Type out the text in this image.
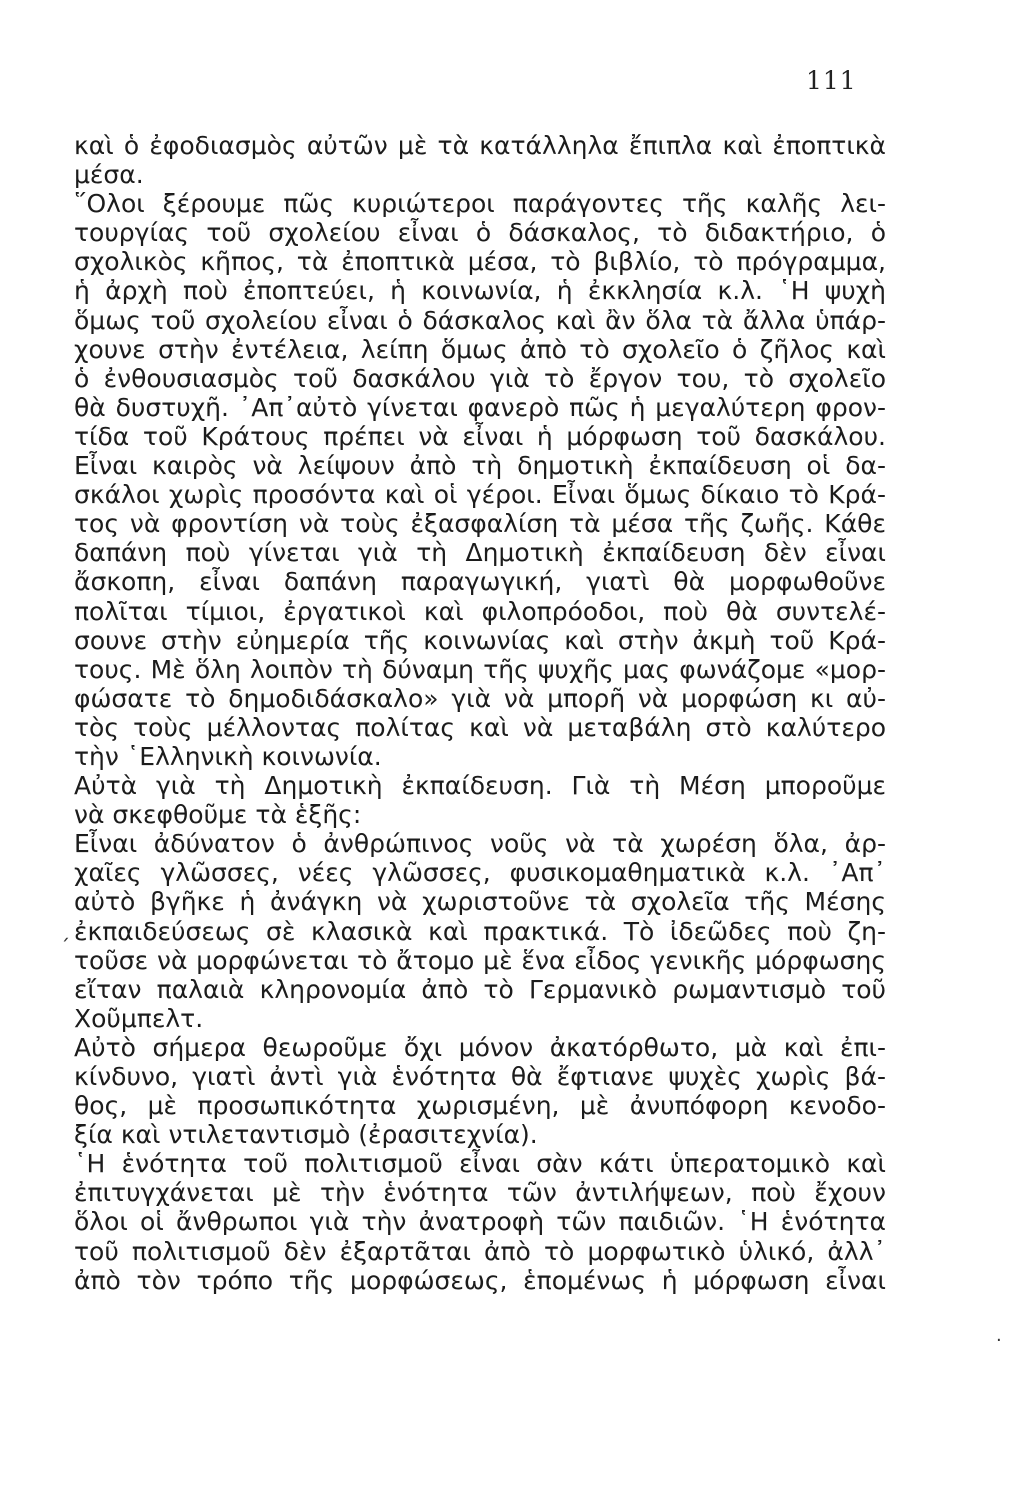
111
´
·
καὶ ὁ ἐφοδιασμὸς αὐτῶν μὲ τὰ κατάλληλα ἔπιπλα καὶ ἐποπτικὰ
μέσα.
῞Ολοι ξέρουμε πῶς κυριώτεροι παράγοντες τῆς καλῆς λει-
τουργίας τοῦ σχολείου εἶναι ὁ δάσκαλος, τὸ διδακτήριο, ὁ
σχολικὸς κῆπος, τὰ ἐποπτικὰ μέσα, τὸ βιβλίο, τὸ πρόγραμμα,
ἡ ἀρχὴ ποὺ ἐποπτεύει, ἡ κοινωνία, ἡ ἐκκλησία κ.λ. ῾Η ψυχὴ
ὅμως τοῦ σχολείου εἶναι ὁ δάσκαλος καὶ ἂν ὅλα τὰ ἄλλα ὑπάρ-
χουνε στὴν ἐντέλεια, λείπη ὅμως ἀπὸ τὸ σχολεῖο ὁ ζῆλος καὶ
ὁ ἐνθουσιασμὸς τοῦ δασκάλου γιὰ τὸ ἔργον του, τὸ σχολεῖο
θὰ δυστυχῆ. ᾿Απ᾿αὐτὸ γίνεται φανερὸ πῶς ἡ μεγαλύτερη φρον-
τίδα τοῦ Κράτους πρέπει νὰ εἶναι ἡ μόρφωση τοῦ δασκάλου.
Εἶναι καιρὸς νὰ λείψουν ἀπὸ τὴ δημοτικὴ ἐκπαίδευση οἱ δα-
σκάλοι χωρὶς προσόντα καὶ οἱ γέροι. Εἶναι ὅμως δίκαιο τὸ Κρά-
τος νὰ φροντίση νὰ τοὺς ἐξασφαλίση τὰ μέσα τῆς ζωῆς. Κάθε
δαπάνη ποὺ γίνεται γιὰ τὴ Δημοτικὴ ἐκπαίδευση δὲν εἶναι
ἄσκοπη, εἶναι δαπάνη παραγωγική, γιατὶ θὰ μορφωθοῦνε
πολῖται τίμιοι, ἐργατικοὶ καὶ φιλοπρόοδοι, ποὺ θὰ συντελέ-
σουνε στὴν εὐημερία τῆς κοινωνίας καὶ στὴν ἀκμὴ τοῦ Κρά-
τους. Μὲ ὅλη λοιπὸν τὴ δύναμη τῆς ψυχῆς μας φωνάζομε «μορ-
φώσατε τὸ δημοδιδάσκαλο» γιὰ νὰ μπορῆ νὰ μορφώση κι αὐ-
τὸς τοὺς μέλλοντας πολίτας καὶ νὰ μεταβάλη στὸ καλύτερο
τὴν ῾Ελληνικὴ κοινωνία.
Αὐτὰ γιὰ τὴ Δημοτικὴ ἐκπαίδευση. Γιὰ τὴ Μέση μποροῦμε
νὰ σκεφθοῦμε τὰ ἑξῆς:
Εἶναι ἀδύνατον ὁ ἀνθρώπινος νοῦς νὰ τὰ χωρέση ὅλα, ἀρ-
χαῖες γλῶσσες, νέες γλῶσσες, φυσικομαθηματικὰ κ.λ. ᾿Απ᾿
αὐτὸ βγῆκε ἡ ἀνάγκη νὰ χωριστοῦνε τὰ σχολεῖα τῆς Μέσης
ἐκπαιδεύσεως σὲ κλασικὰ καὶ πρακτικά. Τὸ ἰδεῶδες ποὺ ζη-
τοῦσε νὰ μορφώνεται τὸ ἄτομο μὲ ἕνα εἶδος γενικῆς μόρφωσης
εἴταν παλαιὰ κληρονομία ἀπὸ τὸ Γερμανικὸ ρωμαντισμὸ τοῦ
Χοῦμπελτ.
Αὐτὸ σήμερα θεωροῦμε ὄχι μόνον ἀκατόρθωτο, μὰ καὶ ἐπι-
κίνδυνο, γιατὶ ἀντὶ γιὰ ἑνότητα θὰ ἔφτιανε ψυχὲς χωρὶς βά-
θος, μὲ προσωπικότητα χωρισμένη, μὲ ἀνυπόφορη κενοδο-
ξία καὶ ντιλεταντισμὸ (ἐρασιτεχνία).
῾Η ἑνότητα τοῦ πολιτισμοῦ εἶναι σὰν κάτι ὑπερατομικὸ καὶ
ἐπιτυγχάνεται μὲ τὴν ἑνότητα τῶν ἀντιλήψεων, ποὺ ἔχουν
ὅλοι οἱ ἄνθρωποι γιὰ τὴν ἀνατροφὴ τῶν παιδιῶν. ῾Η ἑνότητα
τοῦ πολιτισμοῦ δὲν ἐξαρτᾶται ἀπὸ τὸ μορφωτικὸ ὑλικό, ἀλλ᾿
ἀπὸ τὸν τρόπο τῆς μορφώσεως, ἑπομένως ἡ μόρφωση εἶναι
